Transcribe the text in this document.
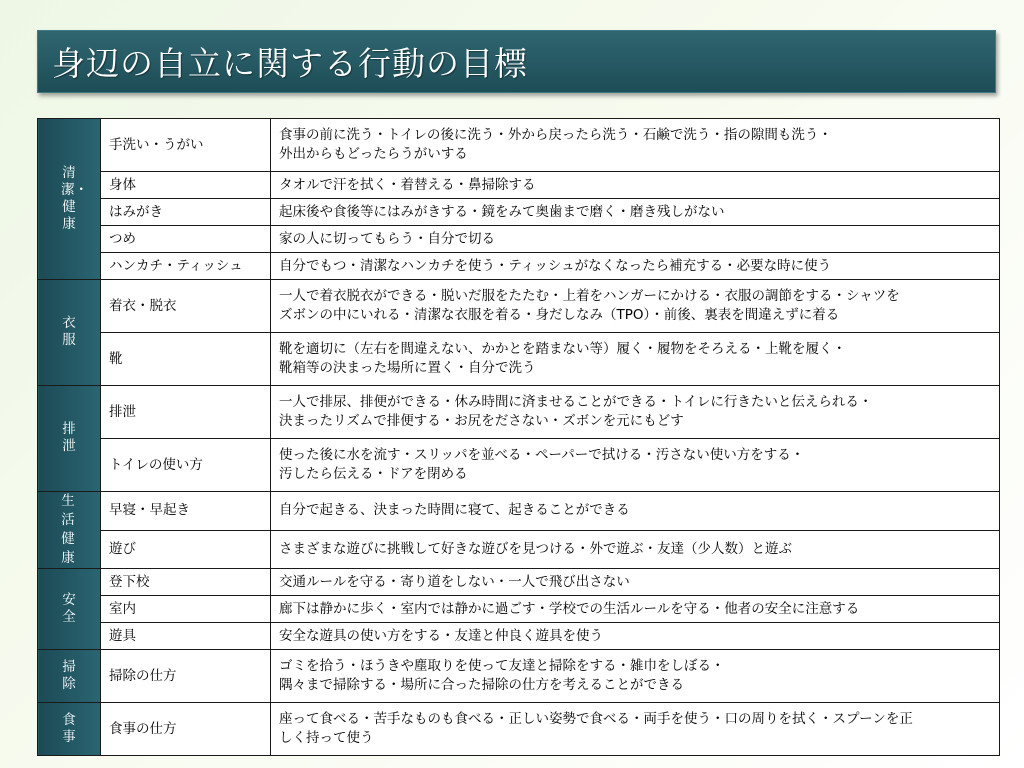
身辺の自立に関する行動の目標
清潔・健康	手洗い・うがい	食事の前に洗う・トイレの後に洗う・外から戻ったら洗う・石鹸で洗う・指の隙間も洗う・
外出からもどったらうがいする
	身体	タオルで汗を拭く・着替える・鼻掃除する
	はみがき	起床後や食後等にはみがきする・鏡をみて奥歯まで磨く・磨き残しがない
	つめ	家の人に切ってもらう・自分で切る
	ハンカチ・ティッシュ	自分でもつ・清潔なハンカチを使う・ティッシュがなくなったら補充する・必要な時に使う
衣服	着衣・脱衣	一人で着衣脱衣ができる・脱いだ服をたたむ・上着をハンガーにかける・衣服の調節をする・シャツを
ズボンの中にいれる・清潔な衣服を着る・身だしなみ（TPO）・前後、裏表を間違えずに着る
	靴	靴を適切に（左右を間違えない、かかとを踏まない等）履く・履物をそろえる・上靴を履く・
靴箱等の決まった場所に置く・自分で洗う
排泄	排泄	一人で排尿、排便ができる・休み時間に済ませることができる・トイレに行きたいと伝えられる・
決まったリズムで排便する・お尻をださない・ズボンを元にもどす
	トイレの使い方	使った後に水を流す・スリッパを並べる・ペーパーで拭ける・汚さない使い方をする・
汚したら伝える・ドアを閉める
生活健康	早寝・早起き	自分で起きる、決まった時間に寝て、起きることができる
	遊び	さまざまな遊びに挑戦して好きな遊びを見つける・外で遊ぶ・友達（少人数）と遊ぶ
安全	登下校	交通ルールを守る・寄り道をしない・一人で飛び出さない
	室内	廊下は静かに歩く・室内では静かに過ごす・学校での生活ルールを守る・他者の安全に注意する
	遊具	安全な遊具の使い方をする・友達と仲良く遊具を使う
掃除	掃除の仕方	ゴミを拾う・ほうきや塵取りを使って友達と掃除をする・雑巾をしぼる・
隅々まで掃除する・場所に合った掃除の仕方を考えることができる
食事	食事の仕方	座って食べる・苦手なものも食べる・正しい姿勢で食べる・両手を使う・口の周りを拭く・スプーンを正
しく持って使う
